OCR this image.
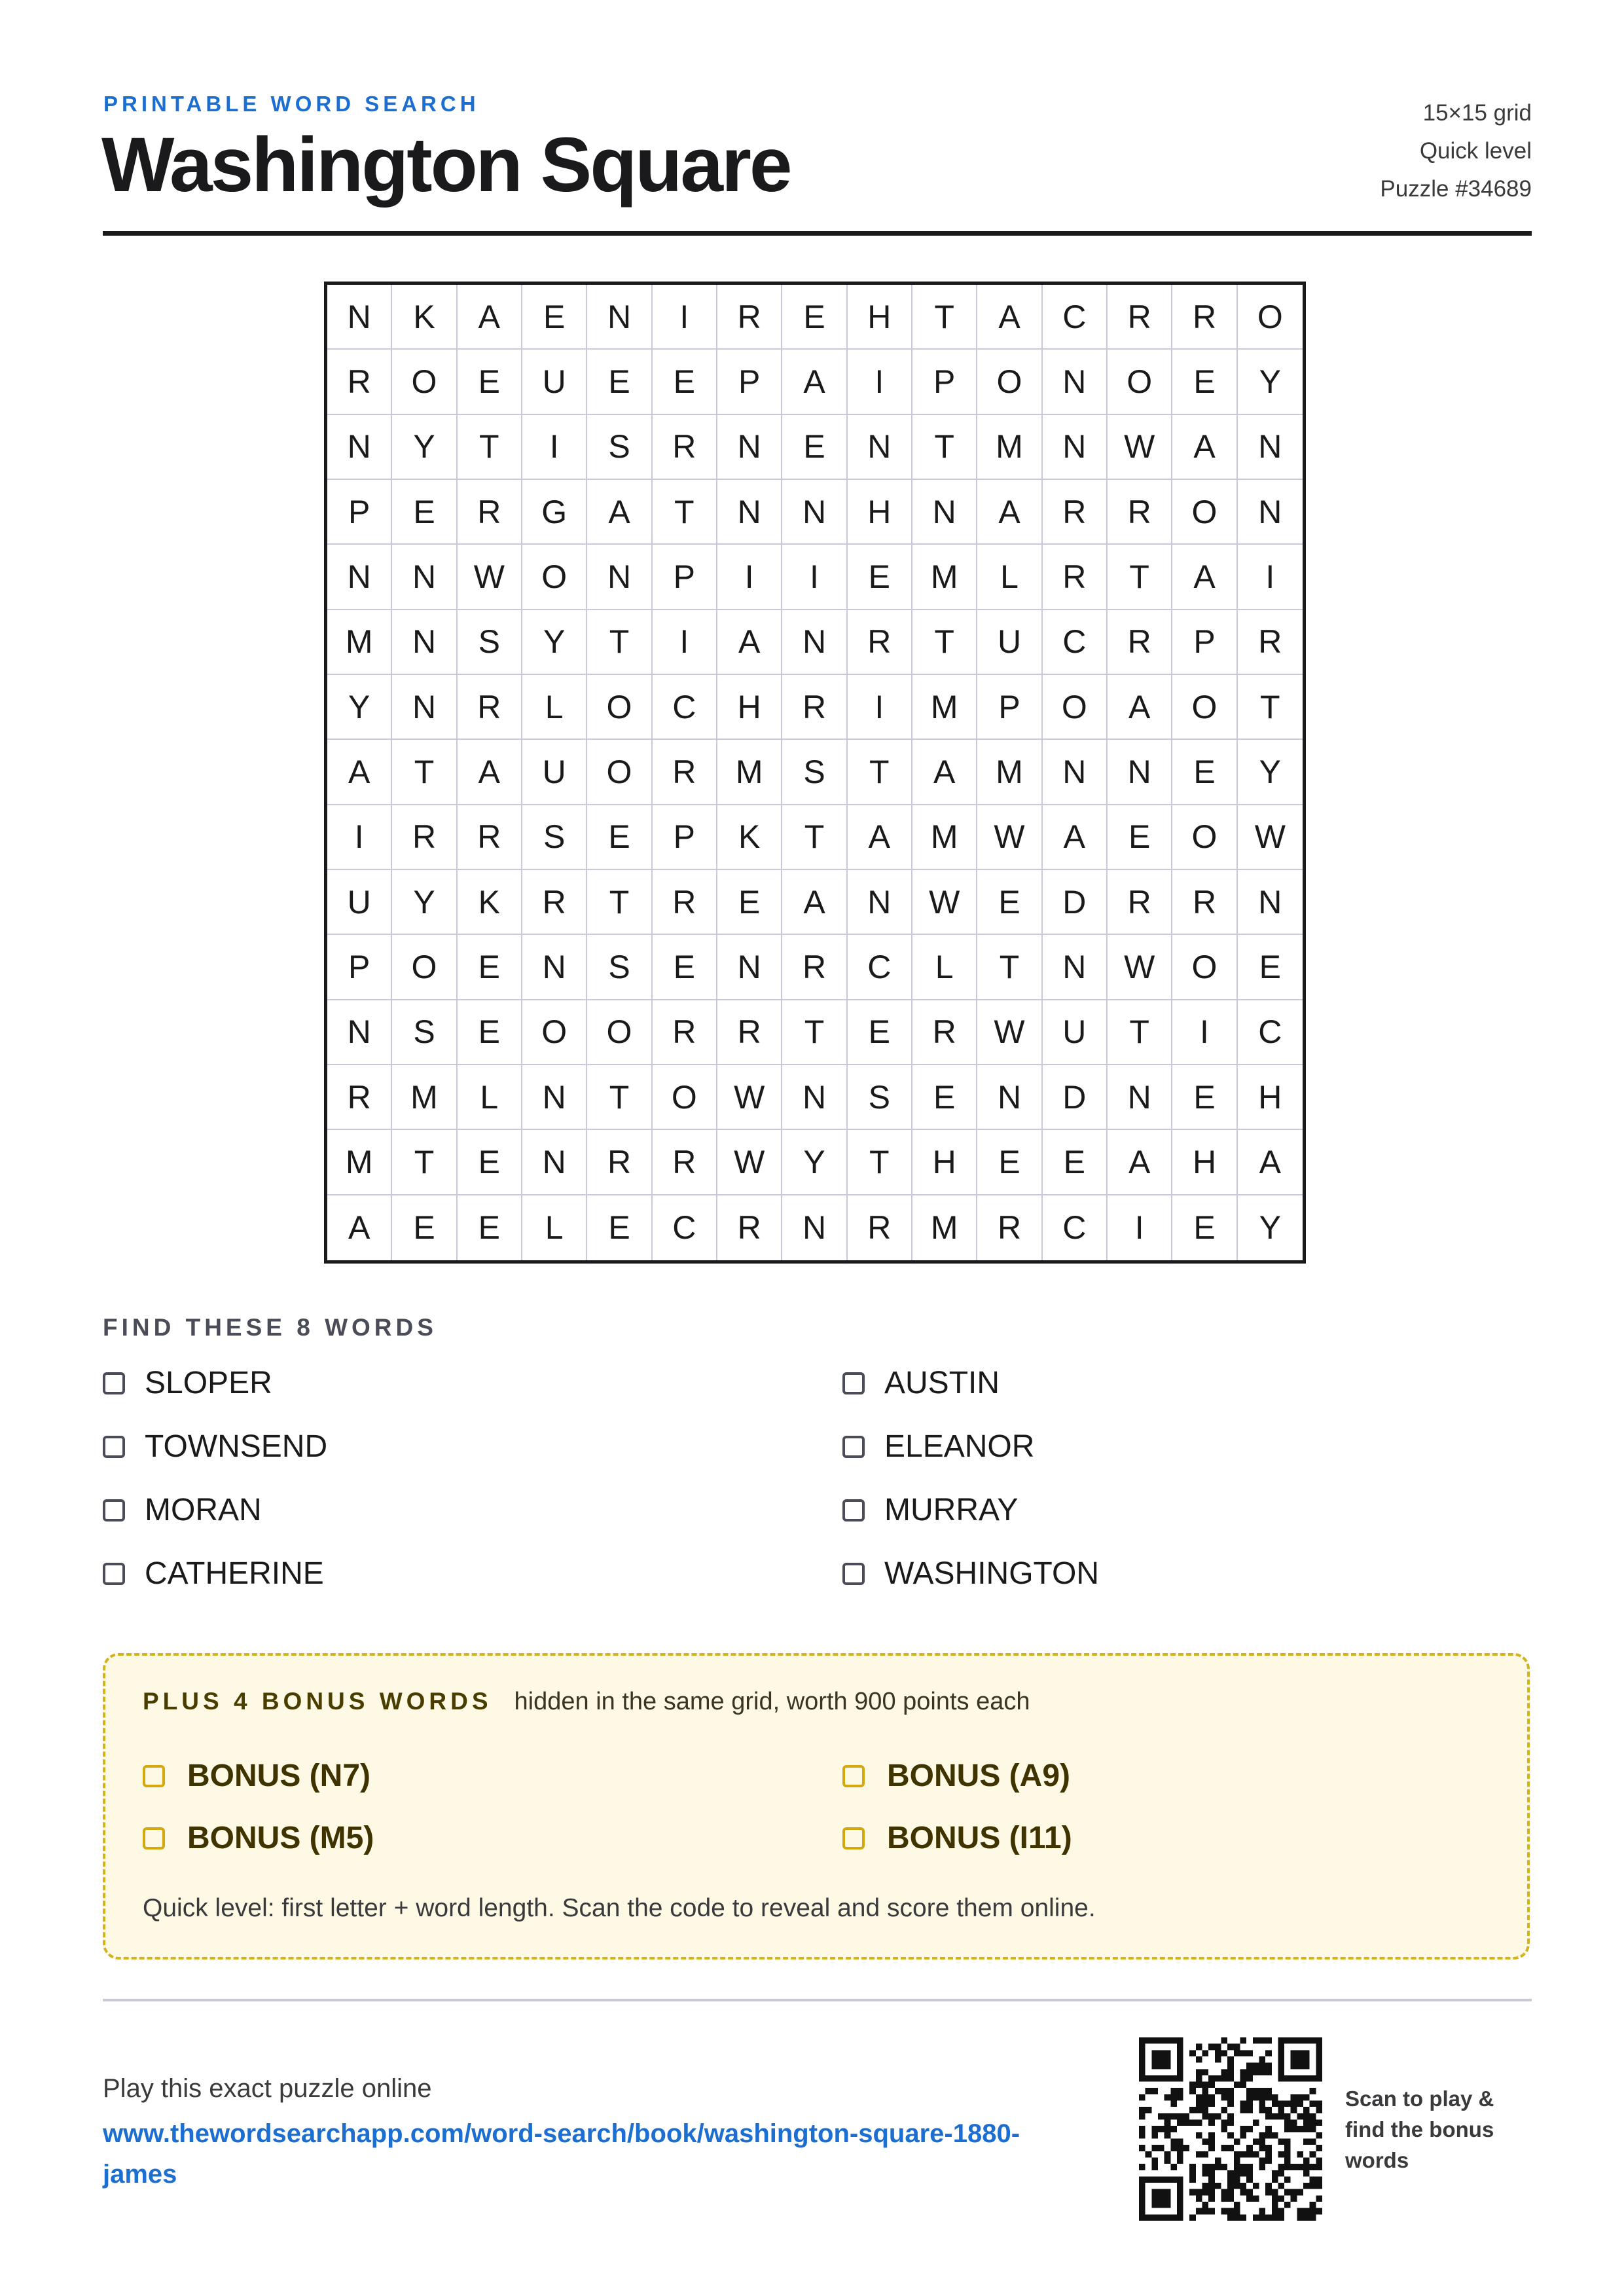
PRINTABLE WORD SEARCH
Washington Square
15×15 grid
Quick level
Puzzle #34689
N	K	A	E	N	I	R	E	H	T	A	C	R	R	O
R	O	E	U	E	E	P	A	I	P	O	N	O	E	Y
N	Y	T	I	S	R	N	E	N	T	M	N	W	A	N
P	E	R	G	A	T	N	N	H	N	A	R	R	O	N
N	N	W	O	N	P	I	I	E	M	L	R	T	A	I
M	N	S	Y	T	I	A	N	R	T	U	C	R	P	R
Y	N	R	L	O	C	H	R	I	M	P	O	A	O	T
A	T	A	U	O	R	M	S	T	A	M	N	N	E	Y
I	R	R	S	E	P	K	T	A	M	W	A	E	O	W
U	Y	K	R	T	R	E	A	N	W	E	D	R	R	N
P	O	E	N	S	E	N	R	C	L	T	N	W	O	E
N	S	E	O	O	R	R	T	E	R	W	U	T	I	C
R	M	L	N	T	O	W	N	S	E	N	D	N	E	H
M	T	E	N	R	R	W	Y	T	H	E	E	A	H	A
A	E	E	L	E	C	R	N	R	M	R	C	I	E	Y
FIND THESE 8 WORDS
SLOPER
TOWNSEND
MORAN
CATHERINE
AUSTIN
ELEANOR
MURRAY
WASHINGTON
PLUS 4 BONUS WORDS hidden in the same grid, worth 900 points each
BONUS (N7)
BONUS (M5)
BONUS (A9)
BONUS (I11)
Quick level: first letter + word length. Scan the code to reveal and score them online.
Play this exact puzzle online
www.thewordsearchapp.com/word-search/book/washington-square-1880-james
Scan to play & find the bonus words
